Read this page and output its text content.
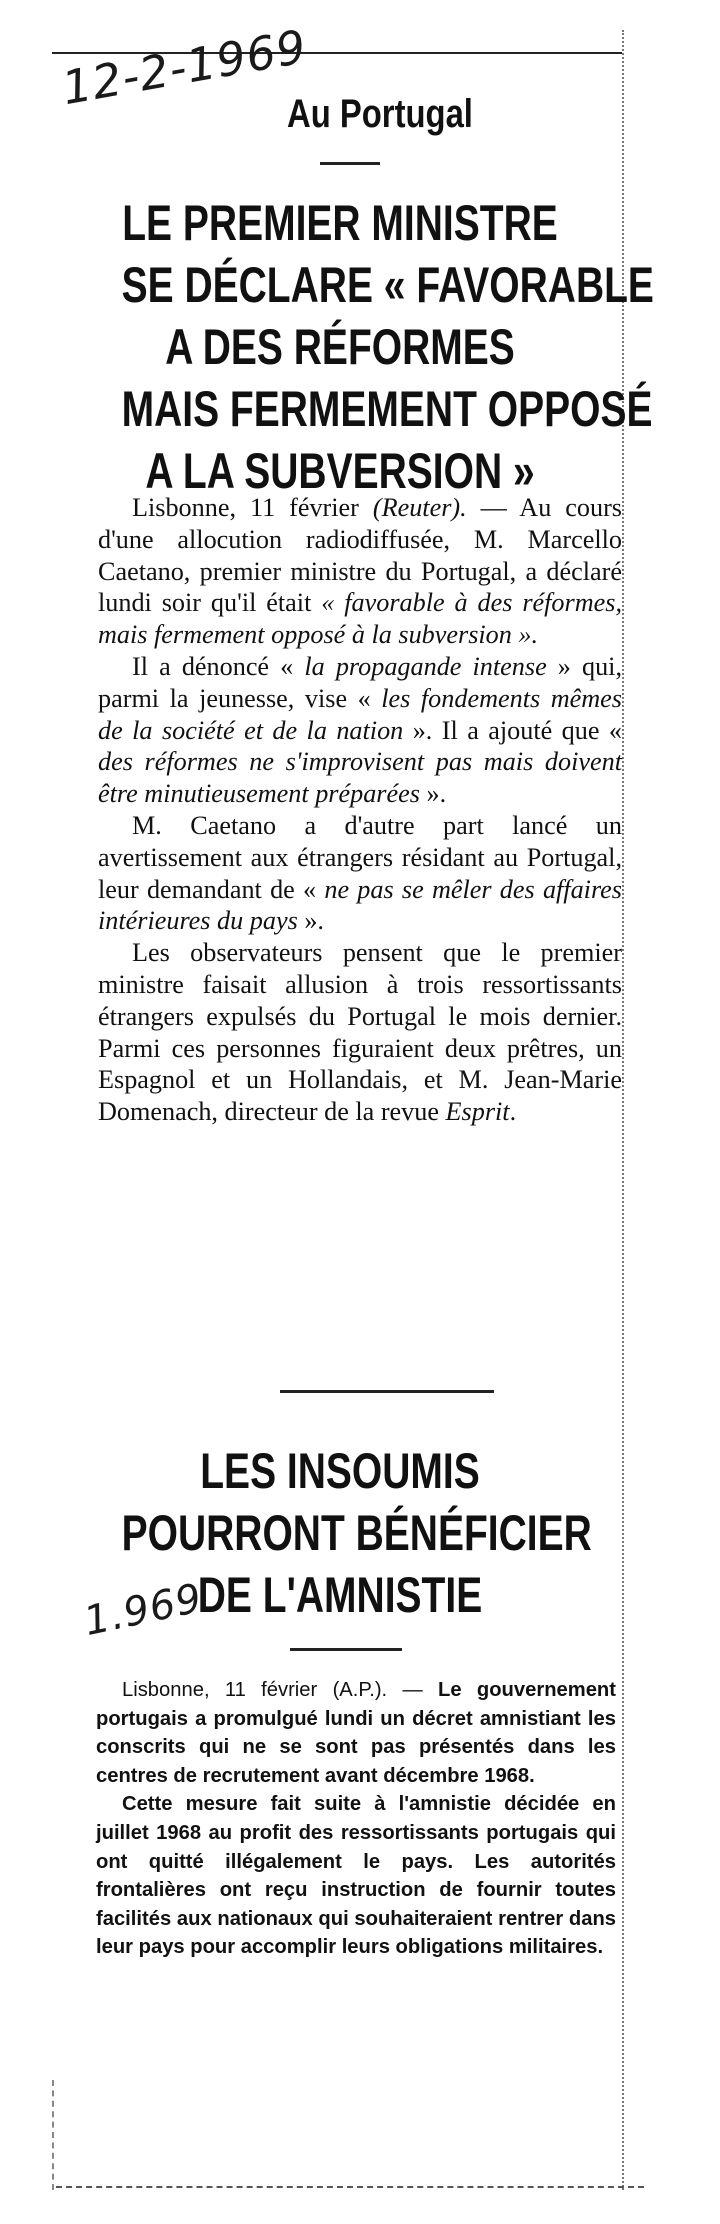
12-2-1969
Au Portugal
LE PREMIER MINISTRE
SE DÉCLARE « FAVORABLE
A DES RÉFORMES
MAIS FERMEMENT OPPOSÉ
A LA SUBVERSION »

Lisbonne, 11 février (Reuter). — Au cours d'une allocution radiodiffusée, M. Marcello Caetano, premier ministre du Portugal, a déclaré lundi soir qu'il était « favorable à des réformes, mais fermement opposé à la subversion ».

Il a dénoncé « la propagande intense » qui, parmi la jeunesse, vise « les fondements mêmes de la société et de la nation ». Il a ajouté que « des réformes ne s'improvisent pas mais doivent être minutieusement préparées ».

M. Caetano a d'autre part lancé un avertissement aux étrangers résidant au Portugal, leur demandant de « ne pas se mêler des affaires intérieures du pays ».

Les observateurs pensent que le premier ministre faisait allusion à trois ressortissants étrangers expulsés du Portugal le mois dernier. Parmi ces personnes figuraient deux prêtres, un Espagnol et un Hollandais, et M. Jean-Marie Domenach, directeur de la revue Esprit.

1.969
LES INSOUMIS
POURRONT BÉNÉFICIER
DE L'AMNISTIE

Lisbonne, 11 février (A.P.). — Le gouvernement portugais a promulgué lundi un décret amnistiant les conscrits qui ne se sont pas présentés dans les centres de recrutement avant décembre 1968.

Cette mesure fait suite à l'amnistie décidée en juillet 1968 au profit des ressortissants portugais qui ont quitté illégalement le pays. Les autorités frontalières ont reçu instruction de fournir toutes facilités aux nationaux qui souhaiteraient rentrer dans leur pays pour accomplir leurs obligations militaires.
